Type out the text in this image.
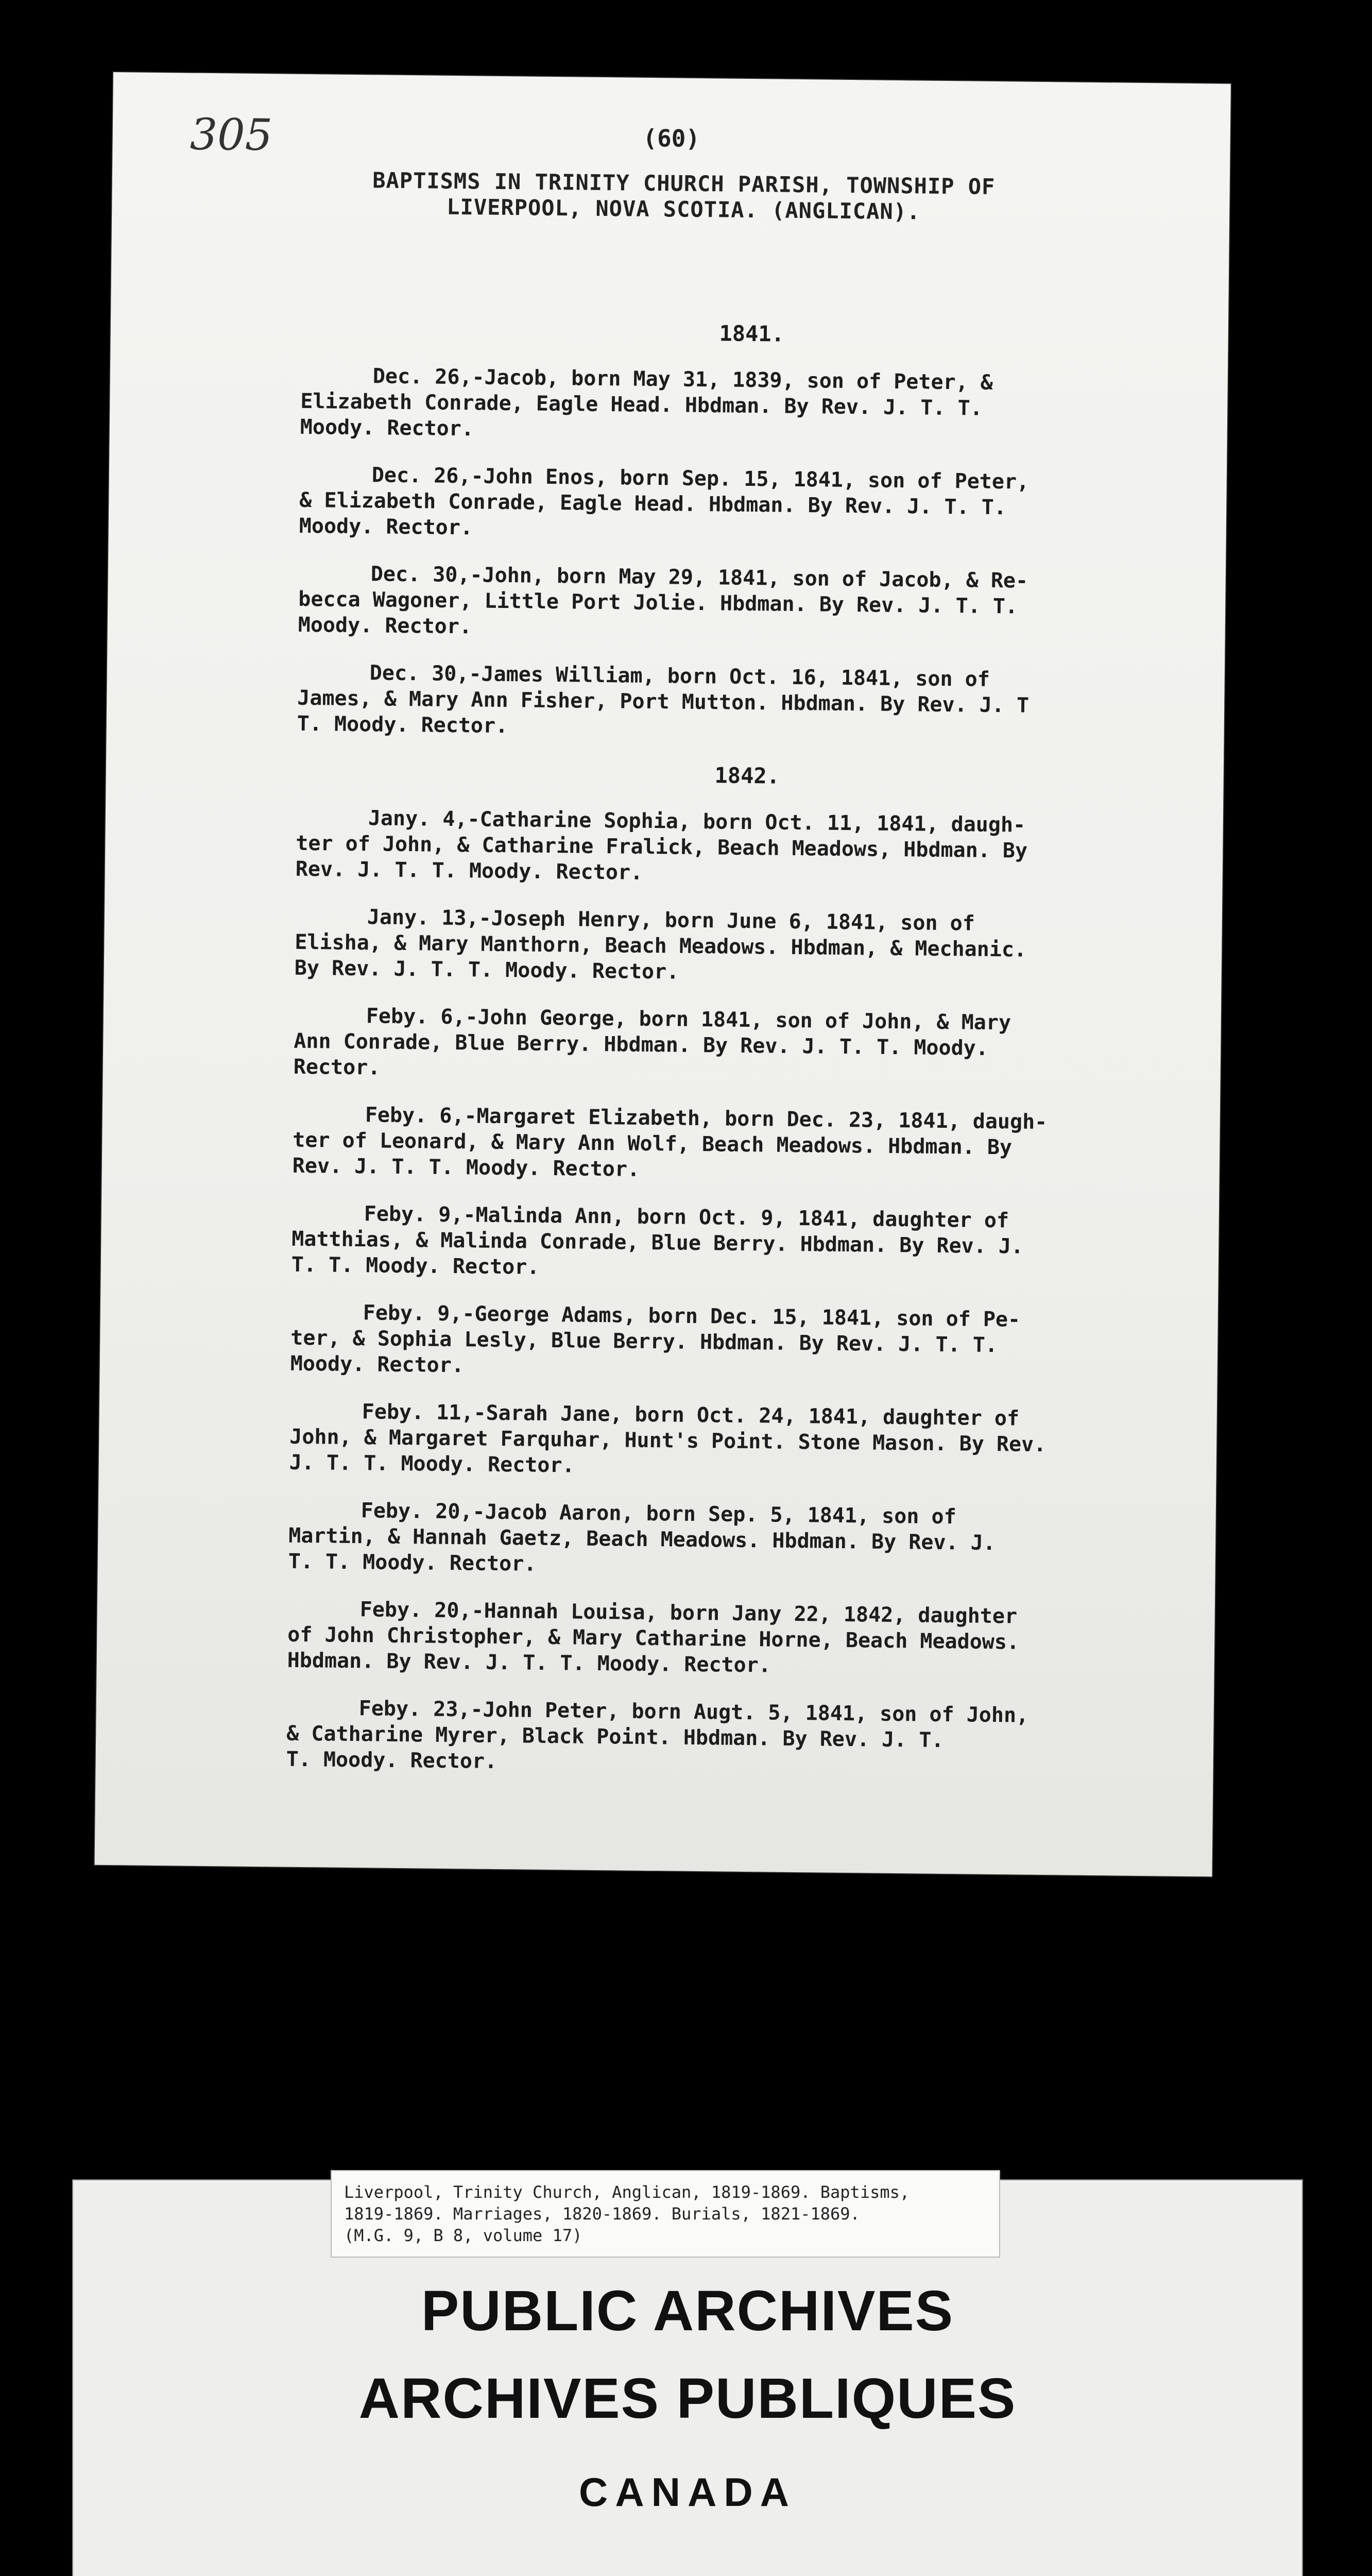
305	(60)
BAPTISMS IN TRINITY CHURCH PARISH, TOWNSHIP OF
LIVERPOOL, NOVA SCOTIA. (ANGLICAN).
1841.
Dec. 26,-Jacob, born May 31, 1839, son of Peter, &
Elizabeth Conrade, Eagle Head. Hbdman. By Rev. J. T. T.
Moody. Rector.
Dec. 26,-John Enos, born Sep. 15, 1841, son of Peter,
& Elizabeth Conrade, Eagle Head. Hbdman. By Rev. J. T. T.
Moody. Rector.
Dec. 30,-John, born May 29, 1841, son of Jacob, & Re-
becca Wagoner, Little Port Jolie. Hbdman. By Rev. J. T. T.
Moody. Rector.
Dec. 30,-James William, born Oct. 16, 1841, son of
James, & Mary Ann Fisher, Port Mutton. Hbdman. By Rev. J. T
T. Moody. Rector.
1842.
Jany. 4,-Catharine Sophia, born Oct. 11, 1841, daugh-
ter of John, & Catharine Fralick, Beach Meadows, Hbdman. By
Rev. J. T. T. Moody. Rector.
Jany. 13,-Joseph Henry, born June 6, 1841, son of
Elisha, & Mary Manthorn, Beach Meadows. Hbdman, & Mechanic.
By Rev. J. T. T. Moody. Rector.
Feby. 6,-John George, born 1841, son of John, & Mary
Ann Conrade, Blue Berry. Hbdman. By Rev. J. T. T. Moody.
Rector.
Feby. 6,-Margaret Elizabeth, born Dec. 23, 1841, daugh-
ter of Leonard, & Mary Ann Wolf, Beach Meadows. Hbdman. By
Rev. J. T. T. Moody. Rector.
Feby. 9,-Malinda Ann, born Oct. 9, 1841, daughter of
Matthias, & Malinda Conrade, Blue Berry. Hbdman. By Rev. J.
T. T. Moody. Rector.
Feby. 9,-George Adams, born Dec. 15, 1841, son of Pe-
ter, & Sophia Lesly, Blue Berry. Hbdman. By Rev. J. T. T.
Moody. Rector.
Feby. 11,-Sarah Jane, born Oct. 24, 1841, daughter of
John, & Margaret Farquhar, Hunt's Point. Stone Mason. By Rev.
J. T. T. Moody. Rector.
Feby. 20,-Jacob Aaron, born Sep. 5, 1841, son of
Martin, & Hannah Gaetz, Beach Meadows. Hbdman. By Rev. J.
T. T. Moody. Rector.
Feby. 20,-Hannah Louisa, born Jany 22, 1842, daughter
of John Christopher, & Mary Catharine Horne, Beach Meadows.
Hbdman. By Rev. J. T. T. Moody. Rector.
Feby. 23,-John Peter, born Augt. 5, 1841, son of John,
& Catharine Myrer, Black Point. Hbdman. By Rev. J. T.
T. Moody. Rector.
Liverpool, Trinity Church, Anglican, 1819-1869. Baptisms,
1819-1869. Marriages, 1820-1869. Burials, 1821-1869.
(M.G. 9, B 8, volume 17)
PUBLIC ARCHIVES
ARCHIVES PUBLIQUES
CANADA
